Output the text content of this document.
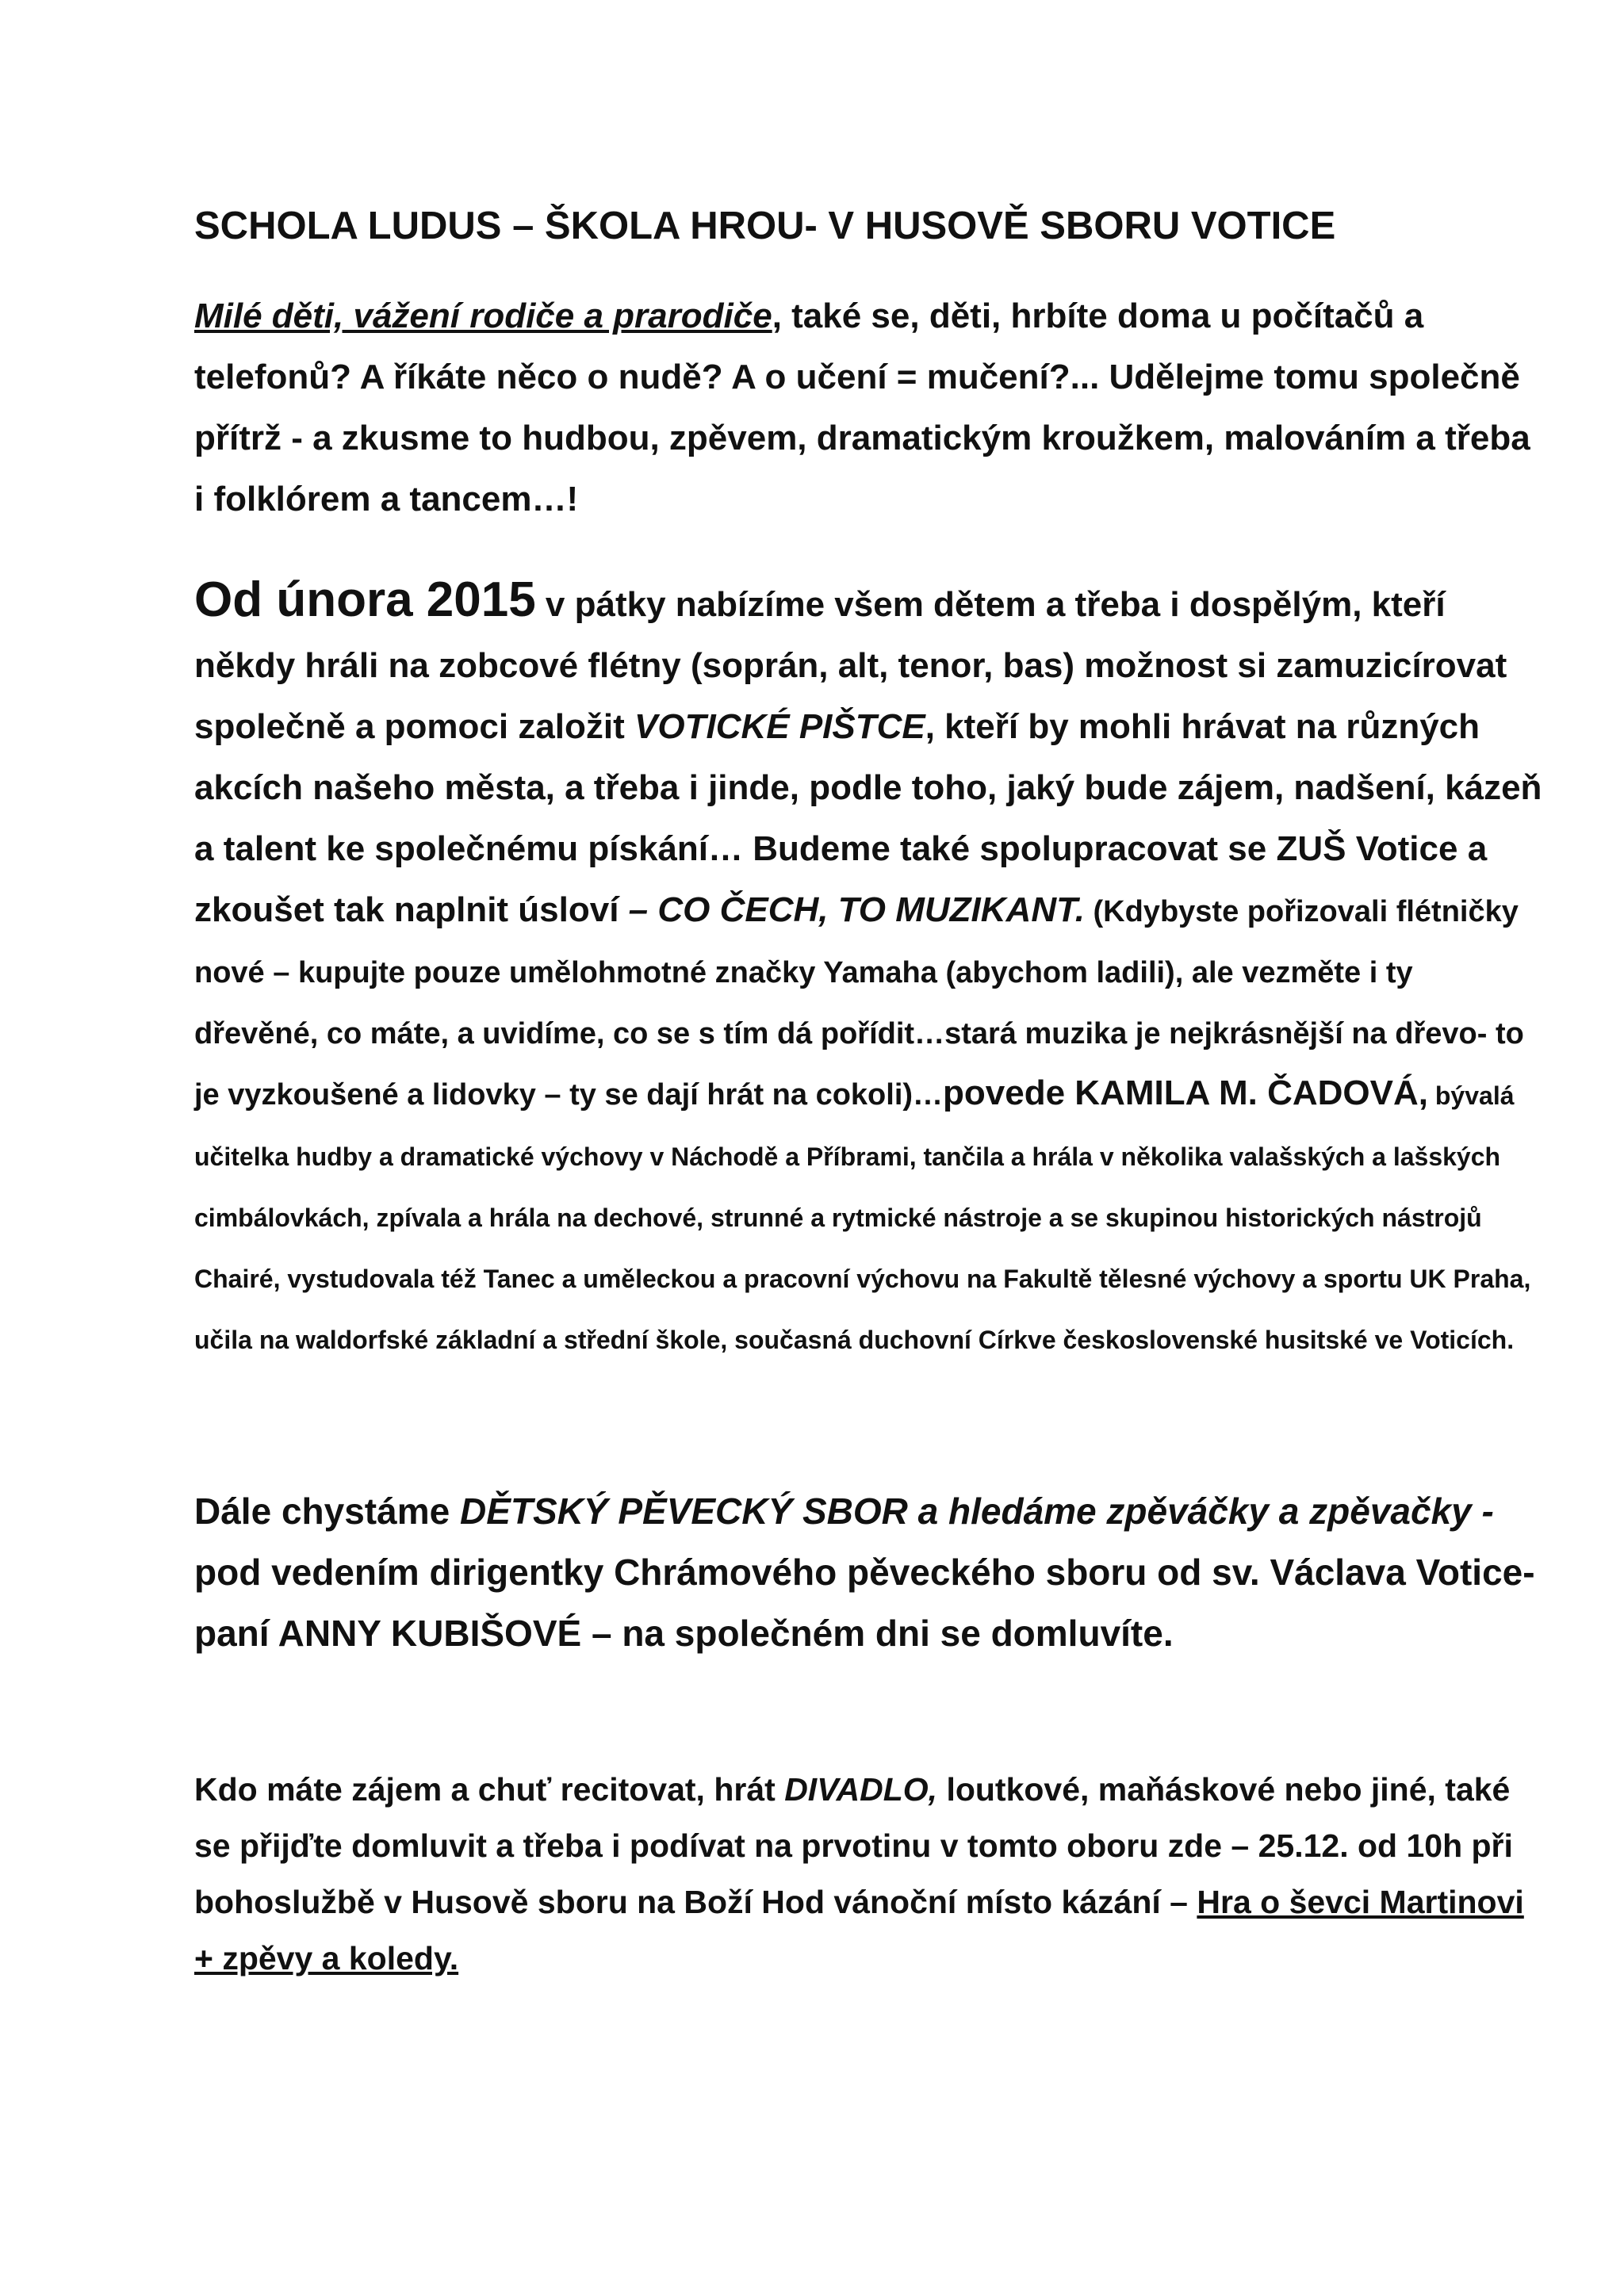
SCHOLA LUDUS – ŠKOLA HROU- V HUSOVĚ SBORU VOTICE

Milé děti, vážení rodiče a prarodiče, také se, děti, hrbíte doma u počítačů a telefonů? A říkáte něco o nudě? A o učení = mučení?... Udělejme tomu společně přítrž - a zkusme to hudbou, zpěvem, dramatickým kroužkem, malováním a třeba i folklórem a tancem…!

Od února 2015 v pátky nabízíme všem dětem a třeba i dospělým, kteří někdy hráli na zobcové flétny (soprán, alt, tenor, bas) možnost si zamuzicírovat společně a pomoci založit VOTICKÉ PIŠTCE, kteří by mohli hrávat na různých akcích našeho města, a třeba i jinde, podle toho, jaký bude zájem, nadšení, kázeň a talent ke společnému pískání… Budeme také spolupracovat se ZUŠ Votice a zkoušet tak naplnit úsloví – CO ČECH, TO MUZIKANT. (Kdybyste pořizovali flétničky nové – kupujte pouze umělohmotné značky Yamaha (abychom ladili), ale vezměte i ty dřevěné, co máte, a uvidíme, co se s tím dá pořídit…stará muzika je nejkrásnější na dřevo- to je vyzkoušené a lidovky – ty se dají hrát na cokoli)…povede KAMILA M. ČADOVÁ, bývalá učitelka hudby a dramatické výchovy v Náchodě a Příbrami, tančila a hrála v několika valašských a lašských cimbálovkách, zpívala a hrála na dechové, strunné a rytmické nástroje a se skupinou historických nástrojů Chairé, vystudovala též Tanec a uměleckou a pracovní výchovu na Fakultě tělesné výchovy a sportu UK Praha, učila na waldorfské základní a střední škole, současná duchovní Církve československé husitské ve Voticích.

Dále chystáme DĚTSKÝ PĚVECKÝ SBOR a hledáme zpěváčky a zpěvačky - pod vedením dirigentky Chrámového pěveckého sboru od sv. Václava Votice- paní ANNY KUBIŠOVÉ – na společném dni se domluvíte.

Kdo máte zájem a chuť recitovat, hrát DIVADLO, loutkové, maňáskové nebo jiné, také se přijďte domluvit a třeba i podívat na prvotinu v tomto oboru zde – 25.12. od 10h při bohoslužbě v Husově sboru na Boží Hod vánoční místo kázání – Hra o ševci Martinovi + zpěvy a koledy.
